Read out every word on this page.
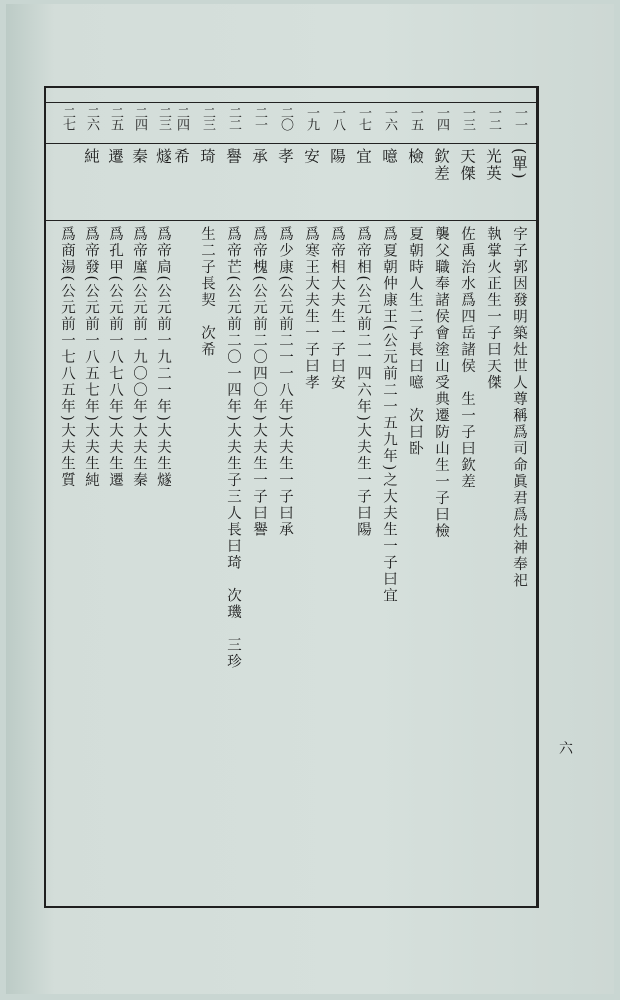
一一
(單)
字子郭因發明築灶世人尊稱爲司命眞君爲灶神奉祀
一二
光英
執掌火正生一子曰天傑
一三
天傑
佐禹治水爲四岳諸侯　生一子曰欽差
一四
欽差
襲父職奉諸侯會塗山受典遷防山生一子曰檢
一五
檢
夏朝時人生二子長曰噫　次曰卧
一六
噫
爲夏朝仲康王(公元前二一五九年)之大夫生一子曰宜
一七
宜
爲帝相(公元前二一四六年)大夫生一子曰陽
一八
陽
爲帝相大夫生一子曰安
一九
安
爲寒王大夫生一子曰孝
二〇
孝
爲少康(公元前二一一八年)大夫生一子曰承
二一
承
爲帝槐(公元前二〇四〇年)大夫生一子曰譽
二二
譽
爲帝芒(公元前二〇一四年)大夫生子三人長曰琦　次璣　三珍
二三
琦
生二子長契　次希
二四
希
二三
燧
爲帝扃(公元前一九二一年)大夫生燧
二四
秦
爲帝廑(公元前一九〇〇年)大夫生秦
二五
遷
爲孔甲(公元前一八七八年)大夫生遷
二六
純
爲帝發(公元前一八五七年)大夫生純
二七
爲商湯(公元前一七八五年)大夫生質
六
